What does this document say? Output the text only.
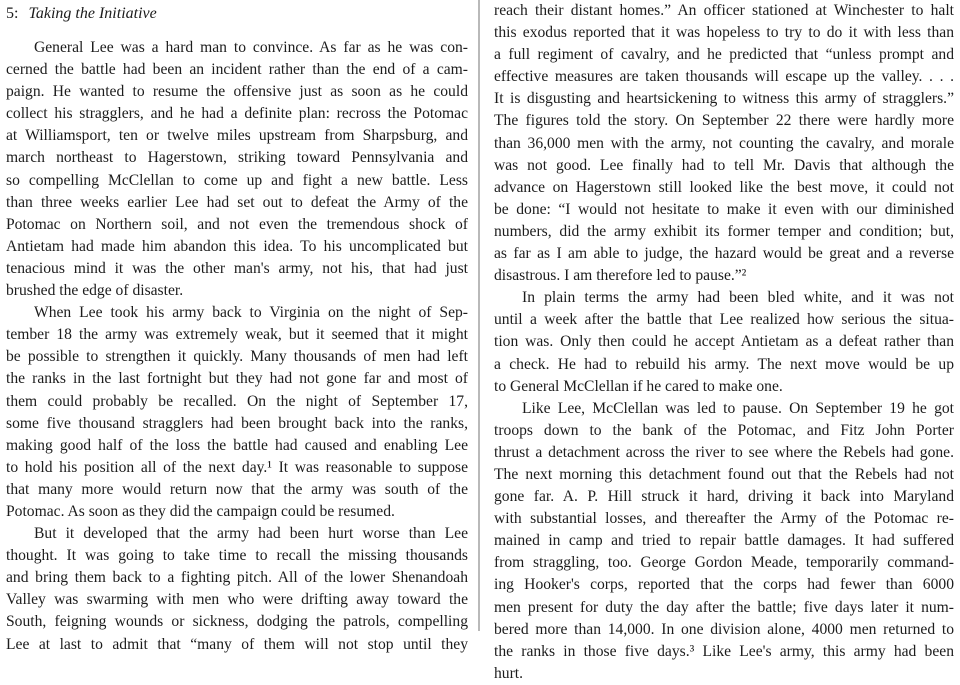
5: Taking the Initiative
General Lee was a hard man to convince. As far as he was con-
cerned the battle had been an incident rather than the end of a cam-
paign. He wanted to resume the offensive just as soon as he could
collect his stragglers, and he had a definite plan: recross the Potomac
at Williamsport, ten or twelve miles upstream from Sharpsburg, and
march northeast to Hagerstown, striking toward Pennsylvania and
so compelling McClellan to come up and fight a new battle. Less
than three weeks earlier Lee had set out to defeat the Army of the
Potomac on Northern soil, and not even the tremendous shock of
Antietam had made him abandon this idea. To his uncomplicated but
tenacious mind it was the other man's army, not his, that had just
brushed the edge of disaster.
When Lee took his army back to Virginia on the night of Sep-
tember 18 the army was extremely weak, but it seemed that it might
be possible to strengthen it quickly. Many thousands of men had left
the ranks in the last fortnight but they had not gone far and most of
them could probably be recalled. On the night of September 17,
some five thousand stragglers had been brought back into the ranks,
making good half of the loss the battle had caused and enabling Lee
to hold his position all of the next day.¹ It was reasonable to suppose
that many more would return now that the army was south of the
Potomac. As soon as they did the campaign could be resumed.
But it developed that the army had been hurt worse than Lee
thought. It was going to take time to recall the missing thousands
and bring them back to a fighting pitch. All of the lower Shenandoah
Valley was swarming with men who were drifting away toward the
South, feigning wounds or sickness, dodging the patrols, compelling
Lee at last to admit that “many of them will not stop until they
reach their distant homes.” An officer stationed at Winchester to halt
this exodus reported that it was hopeless to try to do it with less than
a full regiment of cavalry, and he predicted that “unless prompt and
effective measures are taken thousands will escape up the valley. . . .
It is disgusting and heartsickening to witness this army of stragglers.”
The figures told the story. On September 22 there were hardly more
than 36,000 men with the army, not counting the cavalry, and morale
was not good. Lee finally had to tell Mr. Davis that although the
advance on Hagerstown still looked like the best move, it could not
be done: “I would not hesitate to make it even with our diminished
numbers, did the army exhibit its former temper and condition; but,
as far as I am able to judge, the hazard would be great and a reverse
disastrous. I am therefore led to pause.”²
In plain terms the army had been bled white, and it was not
until a week after the battle that Lee realized how serious the situa-
tion was. Only then could he accept Antietam as a defeat rather than
a check. He had to rebuild his army. The next move would be up
to General McClellan if he cared to make one.
Like Lee, McClellan was led to pause. On September 19 he got
troops down to the bank of the Potomac, and Fitz John Porter
thrust a detachment across the river to see where the Rebels had gone.
The next morning this detachment found out that the Rebels had not
gone far. A. P. Hill struck it hard, driving it back into Maryland
with substantial losses, and thereafter the Army of the Potomac re-
mained in camp and tried to repair battle damages. It had suffered
from straggling, too. George Gordon Meade, temporarily command-
ing Hooker's corps, reported that the corps had fewer than 6000
men present for duty the day after the battle; five days later it num-
bered more than 14,000. In one division alone, 4000 men returned to
the ranks in those five days.³ Like Lee's army, this army had been
hurt.
